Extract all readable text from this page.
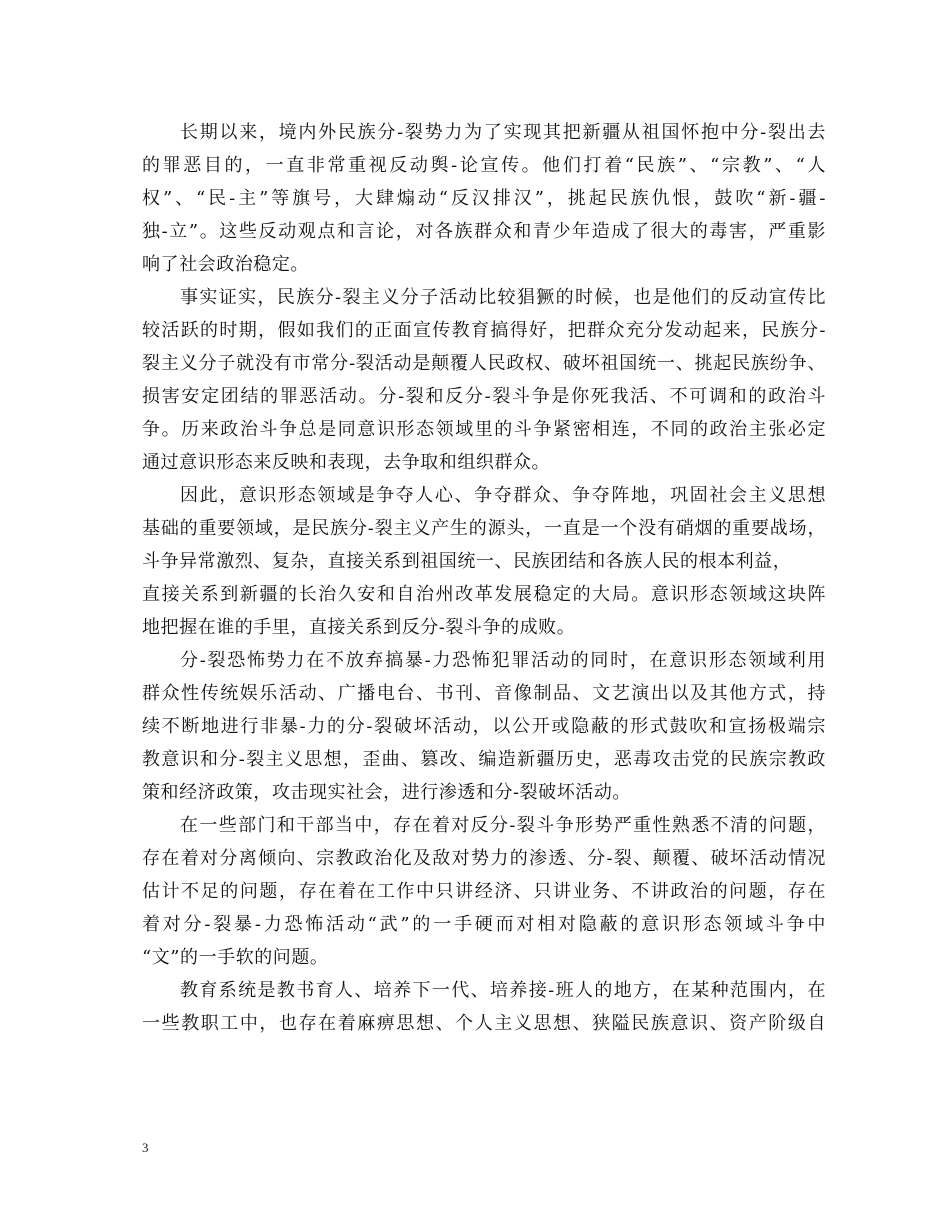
长期以来，境内外民族分-裂势力为了实现其把新疆从祖国怀抱中分-裂出去
的罪恶目的，一直非常重视反动舆-论宣传。他们打着“民族”、“宗教”、“人
权”、“民-主”等旗号，大肆煽动“反汉排汉”，挑起民族仇恨，鼓吹“新-疆-
独-立”。这些反动观点和言论，对各族群众和青少年造成了很大的毒害，严重影
响了社会政治稳定。
事实证实，民族分-裂主义分子活动比较猖獗的时候，也是他们的反动宣传比
较活跃的时期，假如我们的正面宣传教育搞得好，把群众充分发动起来，民族分-
裂主义分子就没有市常分-裂活动是颠覆人民政权、破坏祖国统一、挑起民族纷争、
损害安定团结的罪恶活动。分-裂和反分-裂斗争是你死我活、不可调和的政治斗
争。历来政治斗争总是同意识形态领域里的斗争紧密相连，不同的政治主张必定
通过意识形态来反映和表现，去争取和组织群众。
因此，意识形态领域是争夺人心、争夺群众、争夺阵地，巩固社会主义思想
基础的重要领域，是民族分-裂主义产生的源头，一直是一个没有硝烟的重要战场，
斗争异常激烈、复杂，直接关系到祖国统一、民族团结和各族人民的根本利益，
直接关系到新疆的长治久安和自治州改革发展稳定的大局。意识形态领域这块阵
地把握在谁的手里，直接关系到反分-裂斗争的成败。
分-裂恐怖势力在不放弃搞暴-力恐怖犯罪活动的同时，在意识形态领域利用
群众性传统娱乐活动、广播电台、书刊、音像制品、文艺演出以及其他方式，持
续不断地进行非暴-力的分-裂破坏活动，以公开或隐蔽的形式鼓吹和宣扬极端宗
教意识和分-裂主义思想，歪曲、篡改、编造新疆历史，恶毒攻击党的民族宗教政
策和经济政策，攻击现实社会，进行渗透和分-裂破坏活动。
在一些部门和干部当中，存在着对反分-裂斗争形势严重性熟悉不清的问题，
存在着对分离倾向、宗教政治化及敌对势力的渗透、分-裂、颠覆、破坏活动情况
估计不足的问题，存在着在工作中只讲经济、只讲业务、不讲政治的问题，存在
着对分-裂暴-力恐怖活动“武”的一手硬而对相对隐蔽的意识形态领域斗争中
“文”的一手软的问题。
教育系统是教书育人、培养下一代、培养接-班人的地方，在某种范围内，在
一些教职工中，也存在着麻痹思想、个人主义思想、狭隘民族意识、资产阶级自
3
